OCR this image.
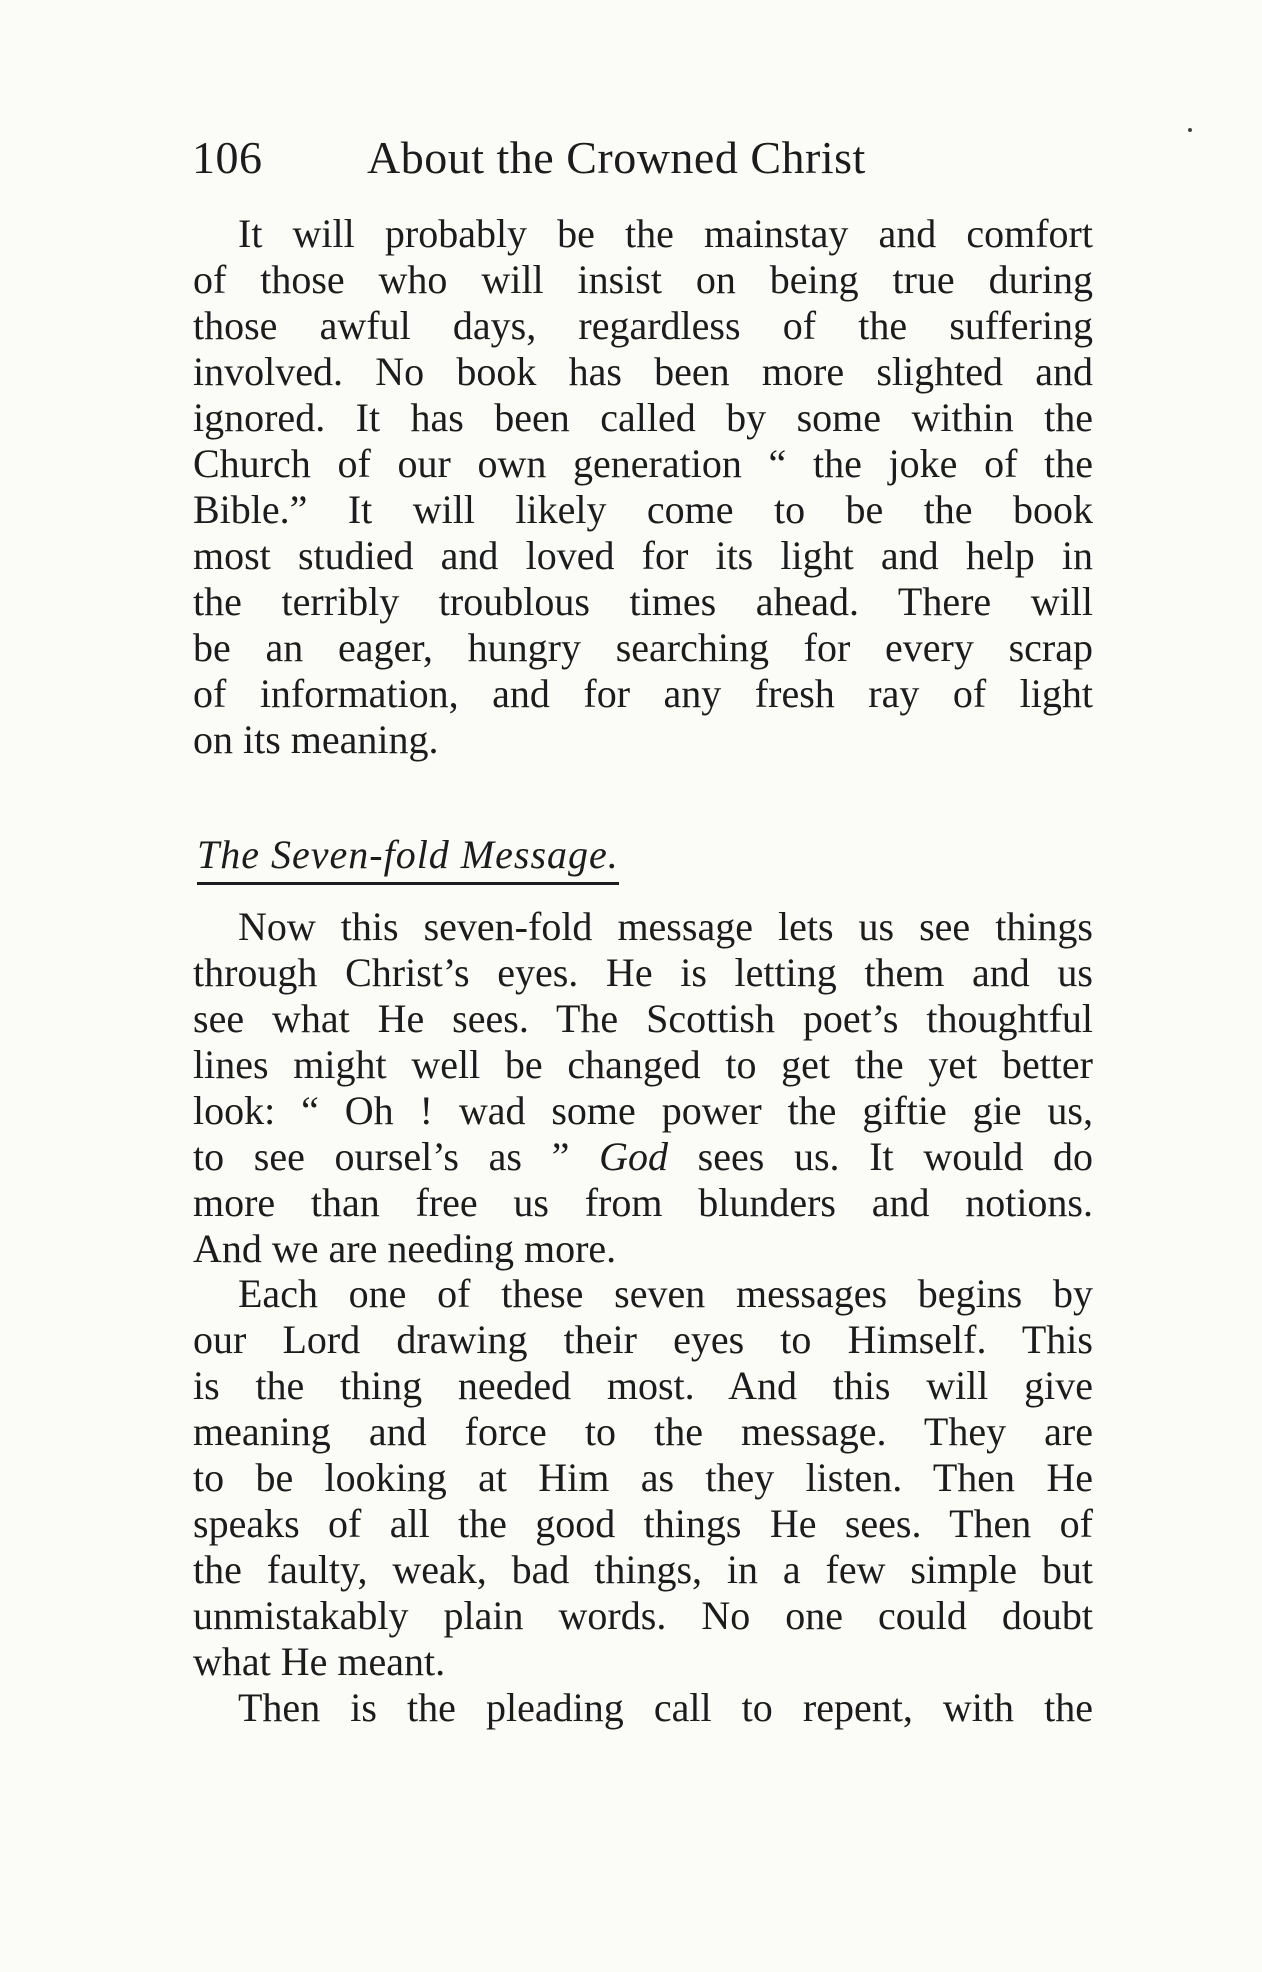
106 About the Crowned Christ
It will probably be the mainstay and comfort
of those who will insist on being true during
those awful days, regardless of the suffering
involved. No book has been more slighted and
ignored. It has been called by some within the
Church of our own generation “ the joke of the
Bible.” It will likely come to be the book
most studied and loved for its light and help in
the terribly troublous times ahead. There will
be an eager, hungry searching for every scrap
of information, and for any fresh ray of light
on its meaning.
The Seven-fold Message.
Now this seven-fold message lets us see things
through Christ’s eyes. He is letting them and us
see what He sees. The Scottish poet’s thoughtful
lines might well be changed to get the yet better
look: “ Oh ! wad some power the giftie gie us,
to see oursel’s as ” God sees us. It would do
more than free us from blunders and notions.
And we are needing more.
Each one of these seven messages begins by
our Lord drawing their eyes to Himself. This
is the thing needed most. And this will give
meaning and force to the message. They are
to be looking at Him as they listen. Then He
speaks of all the good things He sees. Then of
the faulty, weak, bad things, in a few simple but
unmistakably plain words. No one could doubt
what He meant.
Then is the pleading call to repent, with the
